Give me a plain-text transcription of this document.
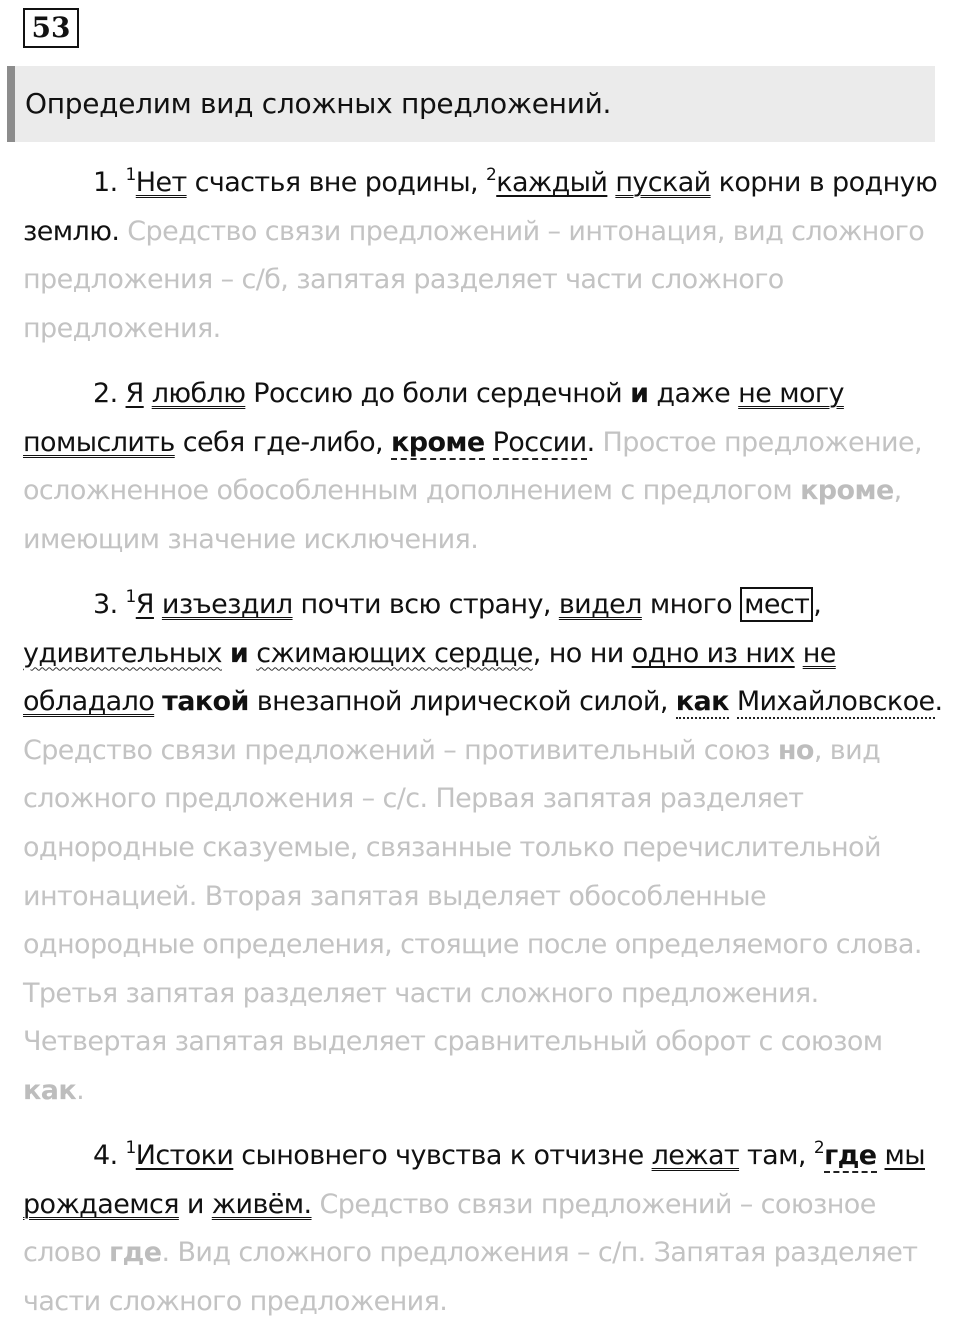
53
Определим вид сложных предложений.
1. $^1$Нет счастья вне родины, $^2$каждый пускай корни в родную землю. Средство связи предложений – интонация, вид сложного предложения – с/б, запятая разделяет части сложного предложения.
2. Я люблю Россию до боли сердечной и даже не могу помыслить себя где-либо, кроме России. Простое предложение, осложненное обособленным дополнением с предлогом кроме, имеющим значение исключения.
3. $^1$Я изъездил почти всю страну, видел много мест , удивительных и сжимающих сердце, но ни одно из них не обладало такой внезапной лирической силой, как Михайловское. Средство связи предложений – противительный союз но, вид сложного предложения – с/с. Первая запятая разделяет однородные сказуемые, связанные только перечислительной интонацией. Вторая запятая выделяет обособленные однородные определения, стоящие после определяемого слова. Третья запятая разделяет части сложного предложения. Четвертая запятая выделяет сравнительный оборот с союзом как.
4. $^1$Истоки сыновнего чувства к отчизне лежат там, $^2$где мы рождаемся и живём. Средство связи предложений – союзное слово где. Вид сложного предложения – с/п. Запятая разделяет части сложного предложения.
